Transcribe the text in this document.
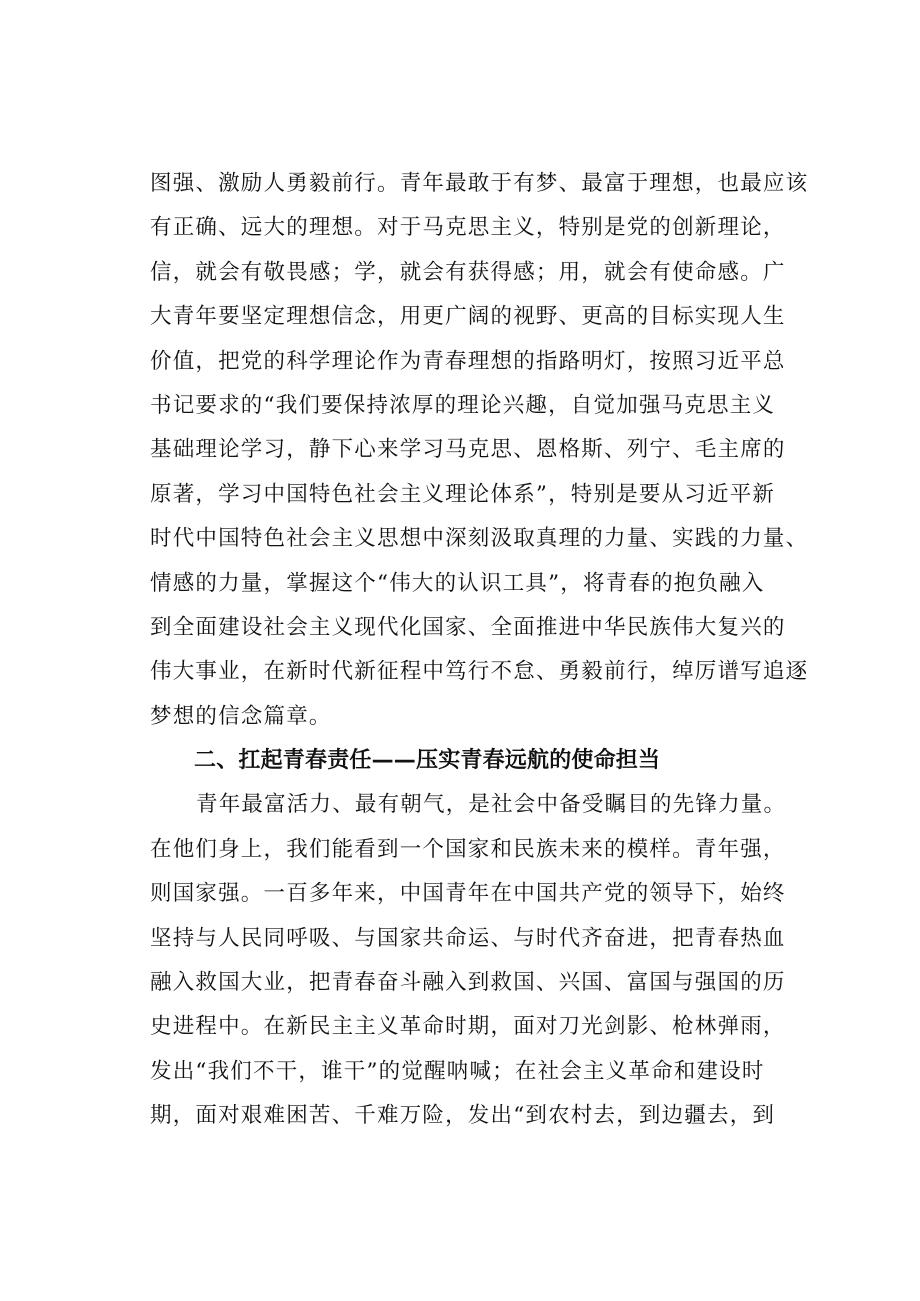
图强、激励人勇毅前行。青年最敢于有梦、最富于理想，也最应该
有正确、远大的理想。对于马克思主义，特别是党的创新理论，
信，就会有敬畏感；学，就会有获得感；用，就会有使命感。广
大青年要坚定理想信念，用更广阔的视野、更高的目标实现人生
价值，把党的科学理论作为青春理想的指路明灯，按照习近平总
书记要求的“我们要保持浓厚的理论兴趣，自觉加强马克思主义
基础理论学习，静下心来学习马克思、恩格斯、列宁、毛主席的
原著，学习中国特色社会主义理论体系”，特别是要从习近平新
时代中国特色社会主义思想中深刻汲取真理的力量、实践的力量、
情感的力量，掌握这个“伟大的认识工具”，将青春的抱负融入
到全面建设社会主义现代化国家、全面推进中华民族伟大复兴的
伟大事业，在新时代新征程中笃行不怠、勇毅前行，绰厉谱写追逐
梦想的信念篇章。
二、扛起青春责任——压实青春远航的使命担当
青年最富活力、最有朝气，是社会中备受瞩目的先锋力量。
在他们身上，我们能看到一个国家和民族未来的模样。青年强，
则国家强。一百多年来，中国青年在中国共产党的领导下，始终
坚持与人民同呼吸、与国家共命运、与时代齐奋进，把青春热血
融入救国大业，把青春奋斗融入到救国、兴国、富国与强国的历
史进程中。在新民主主义革命时期，面对刀光剑影、枪林弹雨，
发出“我们不干，谁干”的觉醒呐喊；在社会主义革命和建设时
期，面对艰难困苦、千难万险，发出“到农村去，到边疆去，到
